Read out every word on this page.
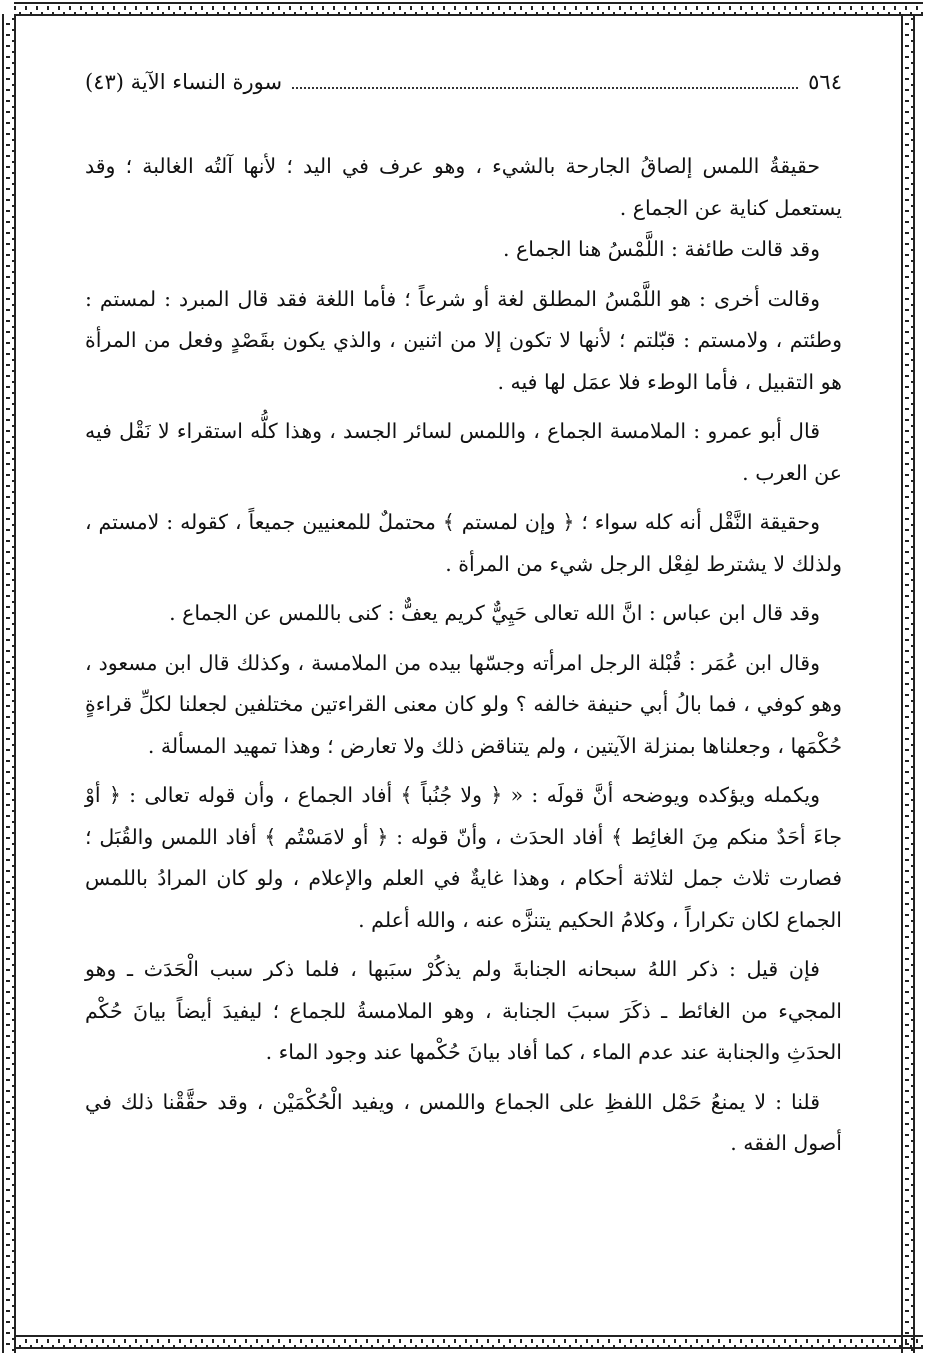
٥٦٤
سورة النساء الآية (٤٣)

حقيقةُ اللمس إلصاقُ الجارحة بالشيء ، وهو عرف في اليد ؛ لأنها آلتُه الغالبة ؛ وقد يستعمل كناية عن الجماع .

وقد قالت طائفة : اللَّمْسُ هنا الجماع .

وقالت أخرى : هو اللَّمْسُ المطلق لغة أو شرعاً ؛ فأما اللغة فقد قال المبرد : لمستم : وطئتم ، ولامستم : قبّلتم ؛ لأنها لا تكون إلا من اثنين ، والذي يكون بقَصْدٍ وفعل من المرأة هو التقبيل ، فأما الوطء فلا عمَل لها فيه .

قال أبو عمرو : الملامسة الجماع ، واللمس لسائر الجسد ، وهذا كلُّه استقراء لا نَقْل فيه عن العرب .

وحقيقة النَّقْل أنه كله سواء ؛ ﴿ وإن لمستم ﴾ محتملٌ للمعنيين جميعاً ، كقوله : لامستم ، ولذلك لا يشترط لفِعْل الرجل شيء من المرأة .

وقد قال ابن عباس : انَّ الله تعالى حَيِيٌّ كريم يعفٌّ : كنى باللمس عن الجماع .

وقال ابن عُمَر : قُبْلة الرجل امرأته وجسّها بيده من الملامسة ، وكذلك قال ابن مسعود ، وهو كوفي ، فما بالُ أبي حنيفة خالفه ؟ ولو كان معنى القراءتين مختلفين لجعلنا لكلِّ قراءةٍ حُكْمَها ، وجعلناها بمنزلة الآيتين ، ولم يتناقض ذلك ولا تعارض ؛ وهذا تمهيد المسألة .

ويكمله ويؤكده ويوضحه أنَّ قولَه : « ﴿ ولا جُنُباً ﴾ أفاد الجماع ، وأن قوله تعالى : ﴿ أوْ جاءَ أحَدٌ منكم مِنَ الغائِط ﴾ أفاد الحدَث ، وأنّ قوله : ﴿ أو لامَسْتُم ﴾ أفاد اللمس والقُبَل ؛ فصارت ثلاث جمل لثلاثة أحكام ، وهذا غايةٌ في العلم والإعلام ، ولو كان المرادُ باللمس الجماع لكان تكراراً ، وكلامُ الحكيم يتنزَّه عنه ، والله أعلم .

فإن قيل : ذكر اللهُ سبحانه الجنابةَ ولم يذكُرْ سبَبها ، فلما ذكر سبب الْحَدَث ـ وهو المجيء من الغائط ـ ذكَرَ سببَ الجنابة ، وهو الملامسةُ للجماع ؛ ليفيدَ أيضاً بيانَ حُكْم الحدَثِ والجنابة عند عدم الماء ، كما أفاد بيانَ حُكْمها عند وجود الماء .

قلنا : لا يمنعُ حَمْل اللفظِ على الجماع واللمس ، ويفيد الْحُكْمَيْن ، وقد حقَّقْنا ذلك في أصول الفقه .
